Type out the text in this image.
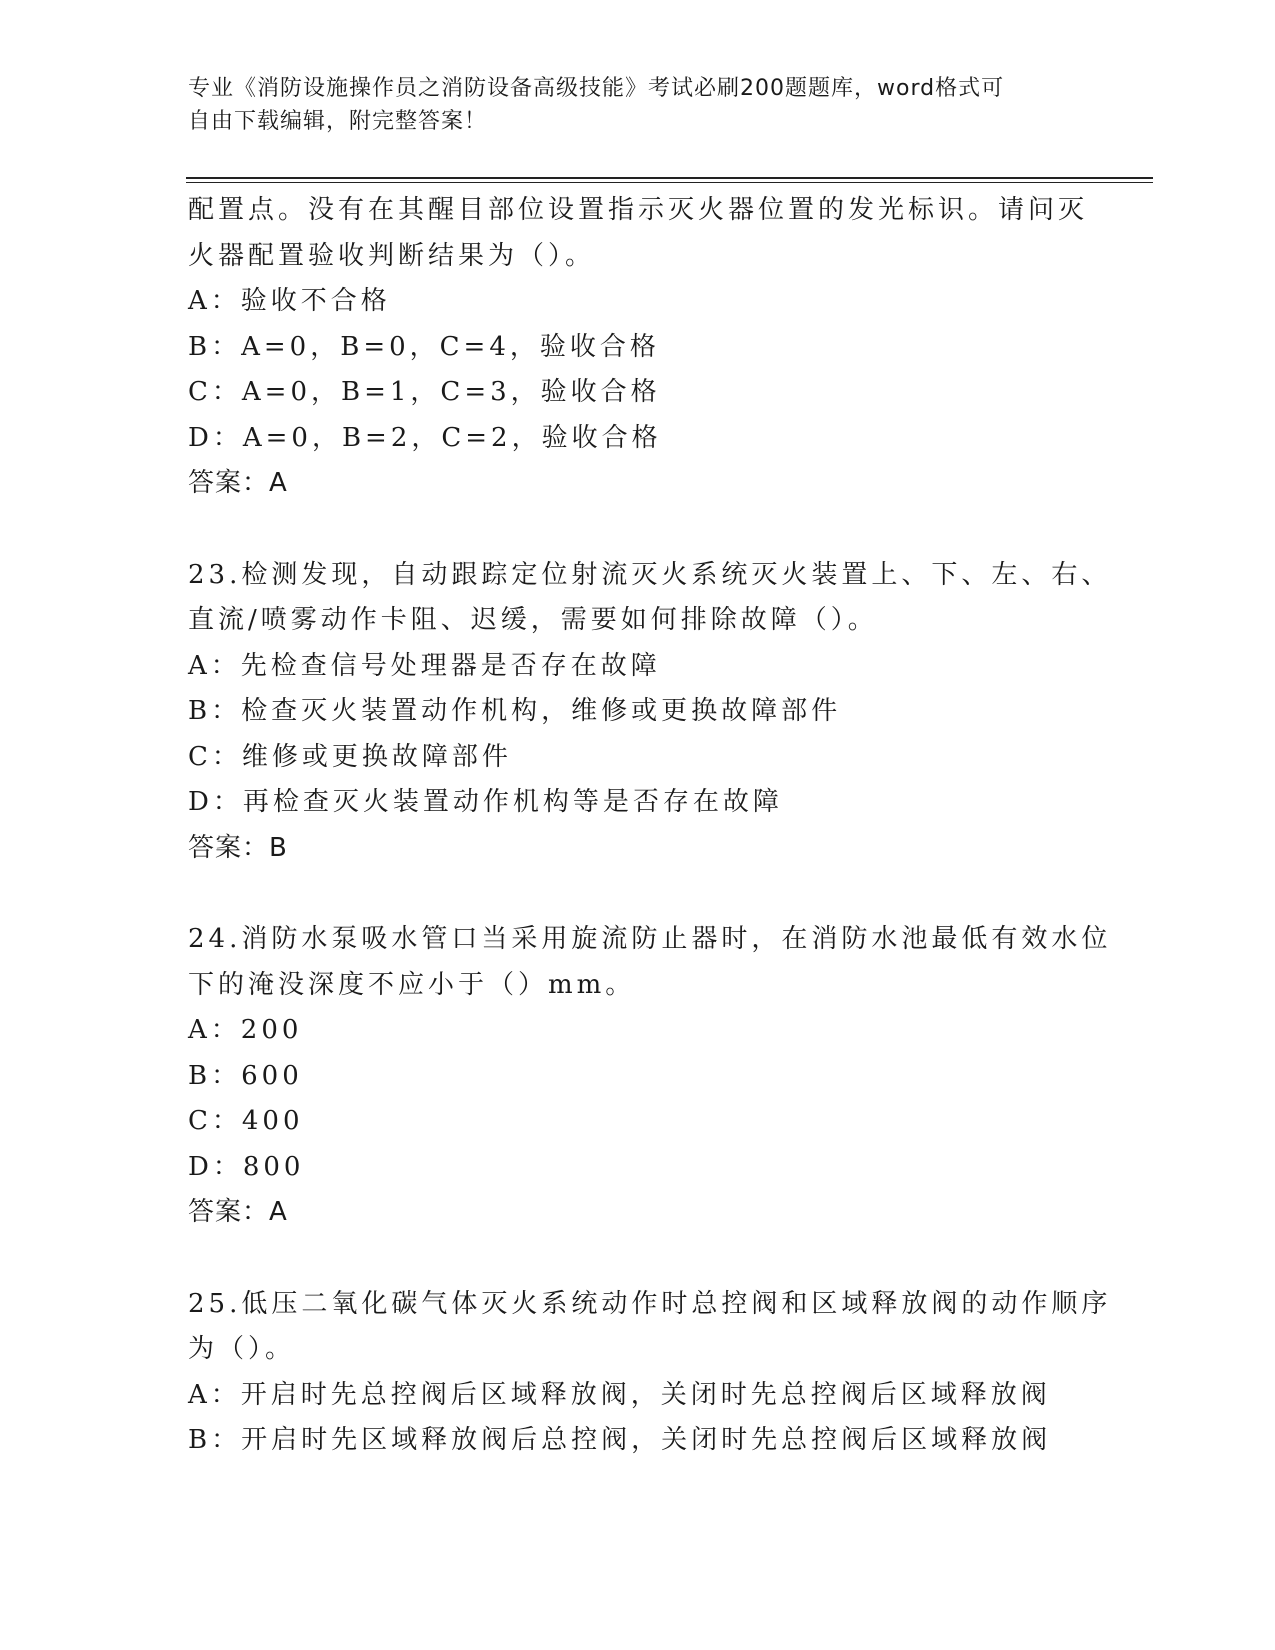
专业《消防设施操作员之消防设备高级技能》考试必刷200题题库，word格式可
自由下载编辑，附完整答案！
配置点。没有在其醒目部位设置指示灭火器位置的发光标识。请问灭
火器配置验收判断结果为（）。
A：验收不合格
B：A=0，B=0，C=4，验收合格
C：A=0，B=1，C=3，验收合格
D：A=0，B=2，C=2，验收合格
答案：A
23.检测发现，自动跟踪定位射流灭火系统灭火装置上、下、左、右、
直流/喷雾动作卡阻、迟缓，需要如何排除故障（）。
A：先检查信号处理器是否存在故障
B：检查灭火装置动作机构，维修或更换故障部件
C：维修或更换故障部件
D：再检查灭火装置动作机构等是否存在故障
答案：B
24.消防水泵吸水管口当采用旋流防止器时，在消防水池最低有效水位
下的淹没深度不应小于（）mm。
A：200
B：600
C：400
D：800
答案：A
25.低压二氧化碳气体灭火系统动作时总控阀和区域释放阀的动作顺序
为（）。
A：开启时先总控阀后区域释放阀，关闭时先总控阀后区域释放阀
B：开启时先区域释放阀后总控阀，关闭时先总控阀后区域释放阀
